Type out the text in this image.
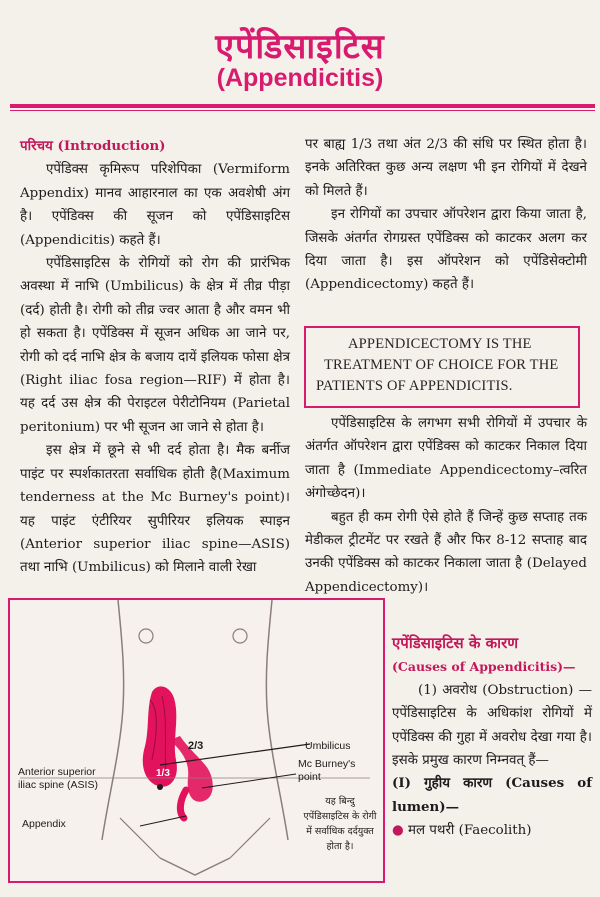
एपेंडिसाइटिस
(Appendicitis)

परिचय (Introduction)

एपेंडिक्स कृमिरूप परिशेपिका (Vermiform Appendix) मानव आहारनाल का एक अवशेषी अंग है। एपेंडिक्स की सूजन को एपेंडिसाइटिस (Appendicitis) कहते हैं।

एपेंडिसाइटिस के रोगियों को रोग की प्रारंभिक अवस्था में नाभि (Umbilicus) के क्षेत्र में तीव्र पीड़ा (दर्द) होती है। रोगी को तीव्र ज्वर आता है और वमन भी हो सकता है। एपेंडिक्स में सूजन अधिक आ जाने पर, रोगी को दर्द नाभि क्षेत्र के बजाय दायें इलियक फोसा क्षेत्र (Right iliac fosa region—RIF) में होता है। यह दर्द उस क्षेत्र की पेराइटल पेरीटोनियम (Parietal peritonium) पर भी सूजन आ जाने से होता है।

इस क्षेत्र में छूने से भी दर्द होता है। मैक बर्नीज पाइंट पर स्पर्शकातरता सर्वाधिक होती है(Maximum tenderness at the Mc Burney's point)। यह पाइंट एंटीरियर सुपीरियर इलियक स्पाइन (Anterior superior iliac spine—ASIS) तथा नाभि (Umbilicus) को मिलाने वाली रेखा

पर बाह्य 1/3 तथा अंत 2/3 की संधि पर स्थित होता है। इनके अतिरिक्त कुछ अन्य लक्षण भी इन रोगियों में देखने को मिलते हैं।

इन रोगियों का उपचार ऑपरेशन द्वारा किया जाता है, जिसके अंतर्गत रोगग्रस्त एपेंडिक्स को काटकर अलग कर दिया जाता है। इस ऑपरेशन को एपेंडिसेक्टोमी (Appendicectomy) कहते हैं।

APPENDICECTOMY IS THE
TREATMENT OF CHOICE FOR THE
PATIENTS OF APPENDICITIS.

एपेंडिसाइटिस के लगभग सभी रोगियों में उपचार के अंतर्गत ऑपरेशन द्वारा एपेंडिक्स को काटकर निकाल दिया जाता है (Immediate Appendicectomy–त्वरित अंगोच्छेदन)।

बहुत ही कम रोगी ऐसे होते हैं जिन्हें कुछ सप्ताह तक मेडीकल ट्रीटमेंट पर रखते हैं और फिर 8-12 सप्ताह बाद उनकी एपेंडिक्स को काटकर निकाला जाता है (Delayed Appendicectomy)।

Umbilicus
2/3
1/3
Anterior superior
iliac spine (ASIS)
Mc Burney's
point
Appendix
यह बिन्दु एपेंडिसाइटिस के रोगी में सर्वाधिक दर्दयुक्त होता है।

एपेंडिसाइटिस के कारण

(Causes of Appendicitis)—

(1) अवरोध (Obstruction) —एपेंडिसाइटिस के अधिकांश रोगियों में एपेंडिक्स की गुहा में अवरोध देखा गया है। इसके प्रमुख कारण निम्नवत् हैं—

(I) गुहीय कारण (Causes of lumen)—

● मल पथरी (Faecolith)
